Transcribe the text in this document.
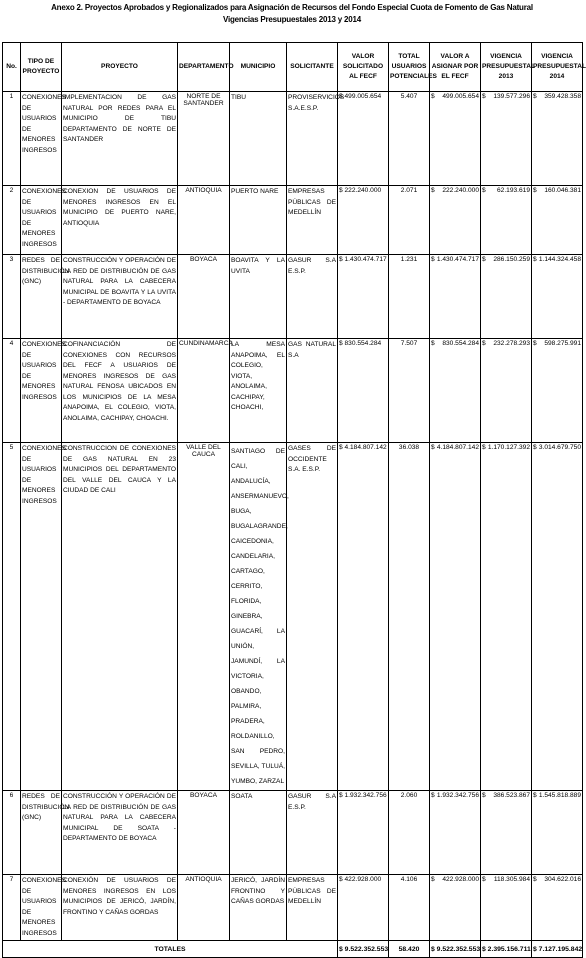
Anexo 2. Proyectos Aprobados y Regionalizados para Asignación de Recursos del Fondo Especial Cuota de Fomento de Gas Natural
Vigencias Presupuestales 2013 y 2014
No.	TIPO DE PROYECTO	PROYECTO	DEPARTAMENTO	MUNICIPIO	SOLICITANTE	VALOR SOLICITADO AL FECF	TOTAL USUARIOS POTENCIALES	VALOR A ASIGNAR POR EL FECF	VIGENCIA PRESUPUESTAL 2013	VIGENCIA PRESUPUESTAL 2014
1	CONEXIONES DE USUARIOS DE MENORES INGRESOS	IMPLEMENTACION DE GAS NATURAL POR REDES PARA EL MUNICIPIO DE TIBU DEPARTAMENTO DE NORTE DE SANTANDER	NORTE DE SANTANDER	TIBU	PROVISERVICIOS S.A.E.S.P.	$ 499.005.654	5.407	$ 499.005.654	$ 139.577.296	$ 359.428.358

2	CONEXIONES DE USUARIOS DE MENORES INGRESOS	CONEXION DE USUARIOS DE MENORES INGRESOS EN EL MUNICIPIO DE PUERTO NARE, ANTIOQUIA	ANTIOQUIA	PUERTO NARE	EMPRESAS PÚBLICAS DE MEDELLÍN	$ 222.240.000	2.071	$ 222.240.000	$ 62.193.619	$ 160.046.381

3	REDES DE DISTRIBUCIÓN (GNC)	CONSTRUCCIÓN Y OPERACIÓN DE LA RED DE DISTRIBUCIÓN DE GAS NATURAL PARA LA CABECERA MUNICIPAL DE BOAVITA Y LA UVITA - DEPARTAMENTO DE BOYACA	BOYACA	BOAVITA Y LA UVITA	GASUR S.A E.S.P.	$ 1.430.474.717	1.231	$ 1.430.474.717	$ 286.150.259	$ 1.144.324.458

4	CONEXIONES DE USUARIOS DE MENORES INGRESOS	COFINANCIACIÓN DE CONEXIONES CON RECURSOS DEL FECF A USUARIOS DE MENORES INGRESOS DE GAS NATURAL FENOSA UBICADOS EN LOS MUNICIPIOS DE LA MESA ANAPOIMA, EL COLEGIO, VIOTA, ANOLAIMA, CACHIPAY, CHOACHI.	CUNDINAMARCA	LA MESA ANAPOIMA, EL COLEGIO, VIOTA, ANOLAIMA, CACHIPAY, CHOACHI,	GAS NATURAL S.A	$ 830.554.284	7.507	$ 830.554.284	$ 232.278.293	$ 598.275.991

5	CONEXIONES DE USUARIOS DE MENORES INGRESOS	CONSTRUCCION DE CONEXIONES DE GAS NATURAL EN 23 MUNICIPIOS DEL DEPARTAMENTO DEL VALLE DEL CAUCA Y LA CIUDAD DE CALI	VALLE DEL CAUCA	SANTIAGO DE CALI, ANDALUCÍA, ANSERMANUEVO, BUGA, BUGALAGRANDE, CAICEDONIA, CANDELARIA, CARTAGO, CERRITO, FLORIDA, GINEBRA, GUACARÍ, LA UNIÓN, JAMUNDÍ, LA VICTORIA, OBANDO, PALMIRA, PRADERA, ROLDANILLO, SAN PEDRO, SEVILLA, TULUÁ, YUMBO, ZARZAL	GASES DE OCCIDENTE S.A. E.S.P.	$ 4.184.807.142	36.038	$ 4.184.807.142	$ 1.170.127.392	$ 3.014.679.750

6	REDES DE DISTRIBUCIÓN (GNC)	CONSTRUCCIÓN Y OPERACIÓN DE LA RED DE DISTRIBUCIÓN DE GAS NATURAL PARA LA CABECERA MUNICIPAL DE SOATA - DEPARTAMENTO DE BOYACA	BOYACA	SOATA	GASUR S.A E.S.P.	$ 1.932.342.756	2.060	$ 1.932.342.756	$ 386.523.867	$ 1.545.818.889

7	CONEXIONES DE USUARIOS DE MENORES INGRESOS	CONEXIÓN DE USUARIOS DE MENORES INGRESOS EN LOS MUNICIPIOS DE JERICÓ, JARDÍN, FRONTINO Y CAÑAS GORDAS	ANTIOQUIA	JERICÓ, JARDÍN FRONTINO Y CAÑAS GORDAS	EMPRESAS PÚBLICAS DE MEDELLÍN	$ 422.928.000	4.106	$ 422.928.000	$ 118.305.984	$ 304.622.016

TOTALES						$ 9.522.352.553	58.420	$ 9.522.352.553	$ 2.395.156.711	$ 7.127.195.842
